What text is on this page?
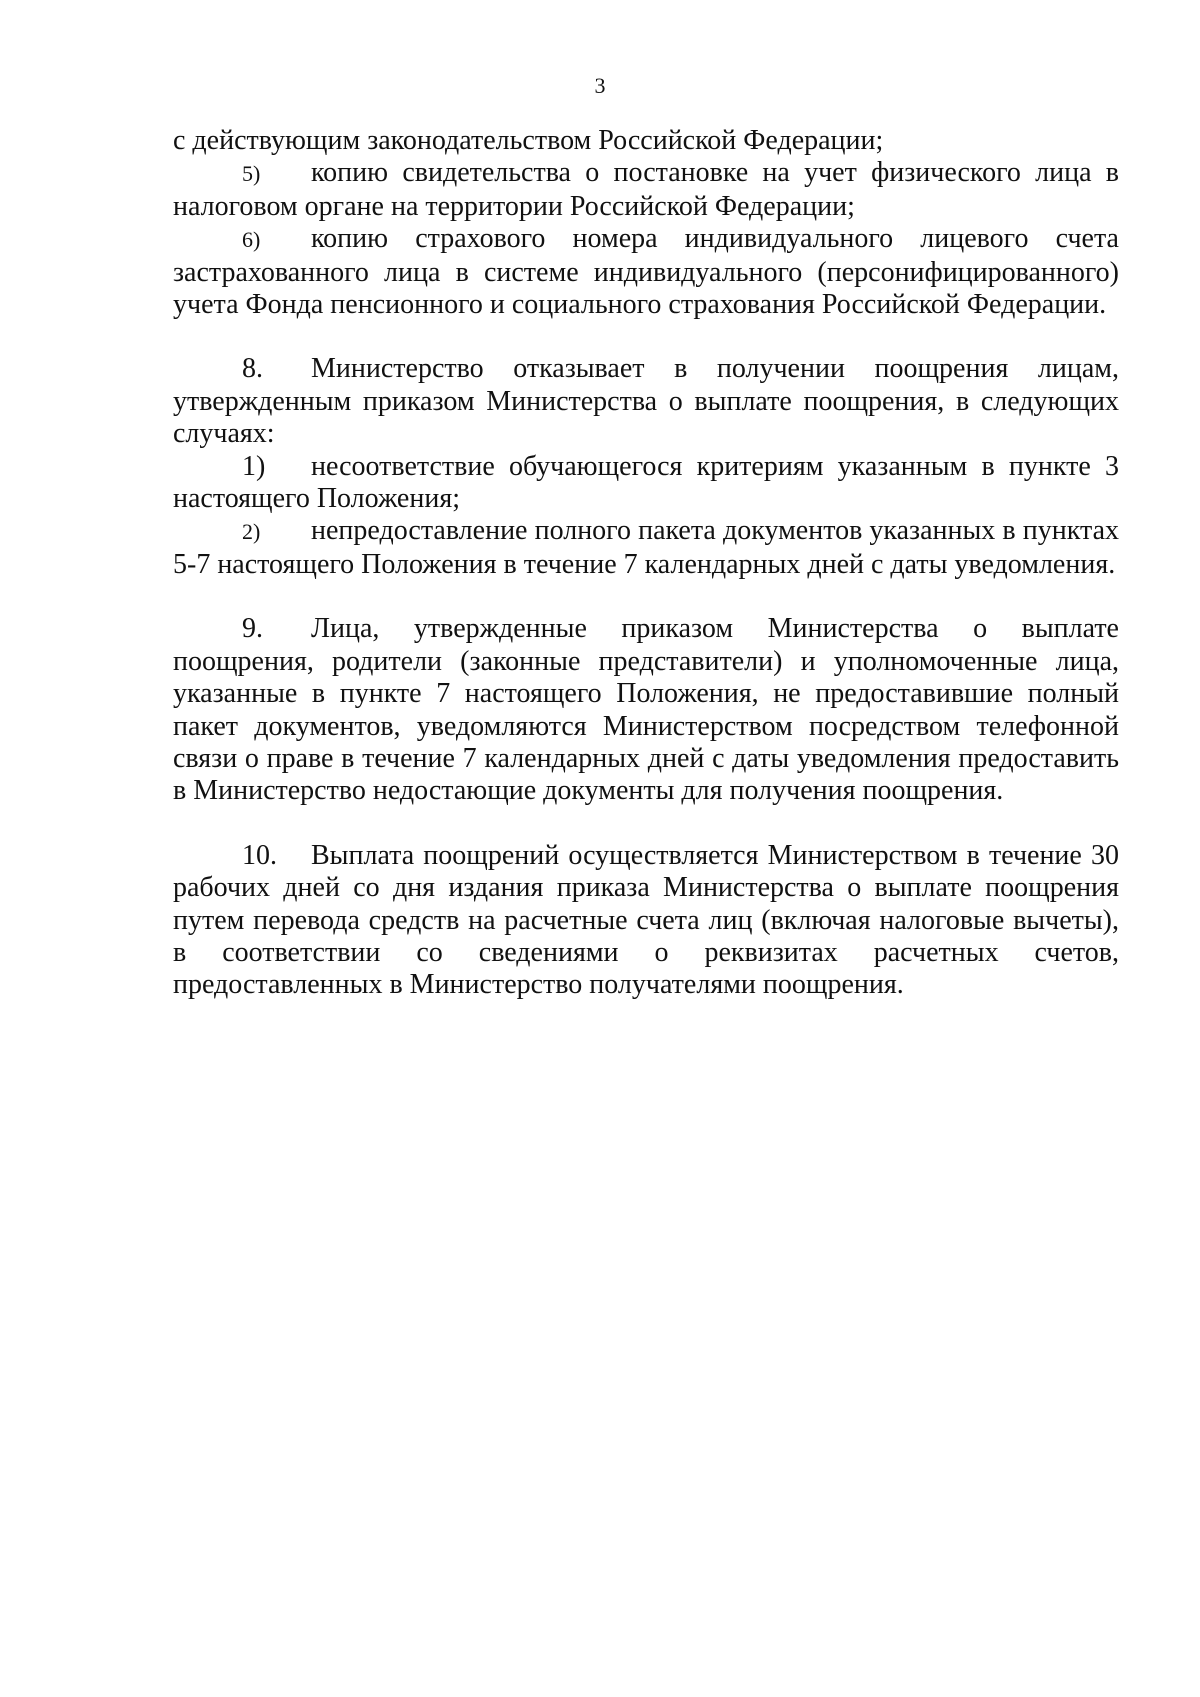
3

с действующим законодательством Российской Федерации;

5) копию свидетельства о постановке на учет физического лица в налоговом органе на территории Российской Федерации;

6) копию страхового номера индивидуального лицевого счета застрахованного лица в системе индивидуального (персонифицированного) учета Фонда пенсионного и социального страхования Российской Федерации.

8. Министерство отказывает в получении поощрения лицам, утвержденным приказом Министерства о выплате поощрения, в следующих случаях:

1) несоответствие обучающегося критериям указанным в пункте 3 настоящего Положения;

2) непредоставление полного пакета документов указанных в пунктах 5-7 настоящего Положения в течение 7 календарных дней с даты уведомления.

9. Лица, утвержденные приказом Министерства о выплате поощрения, родители (законные представители) и уполномоченные лица, указанные в пункте 7 настоящего Положения, не предоставившие полный пакет документов, уведомляются Министерством посредством телефонной связи о праве в течение 7 календарных дней с даты уведомления предоставить в Министерство недостающие документы для получения поощрения.

10. Выплата поощрений осуществляется Министерством в течение 30 рабочих дней со дня издания приказа Министерства о выплате поощрения путем перевода средств на расчетные счета лиц (включая налоговые вычеты), в соответствии со сведениями о реквизитах расчетных счетов, предоставленных в Министерство получателями поощрения.
